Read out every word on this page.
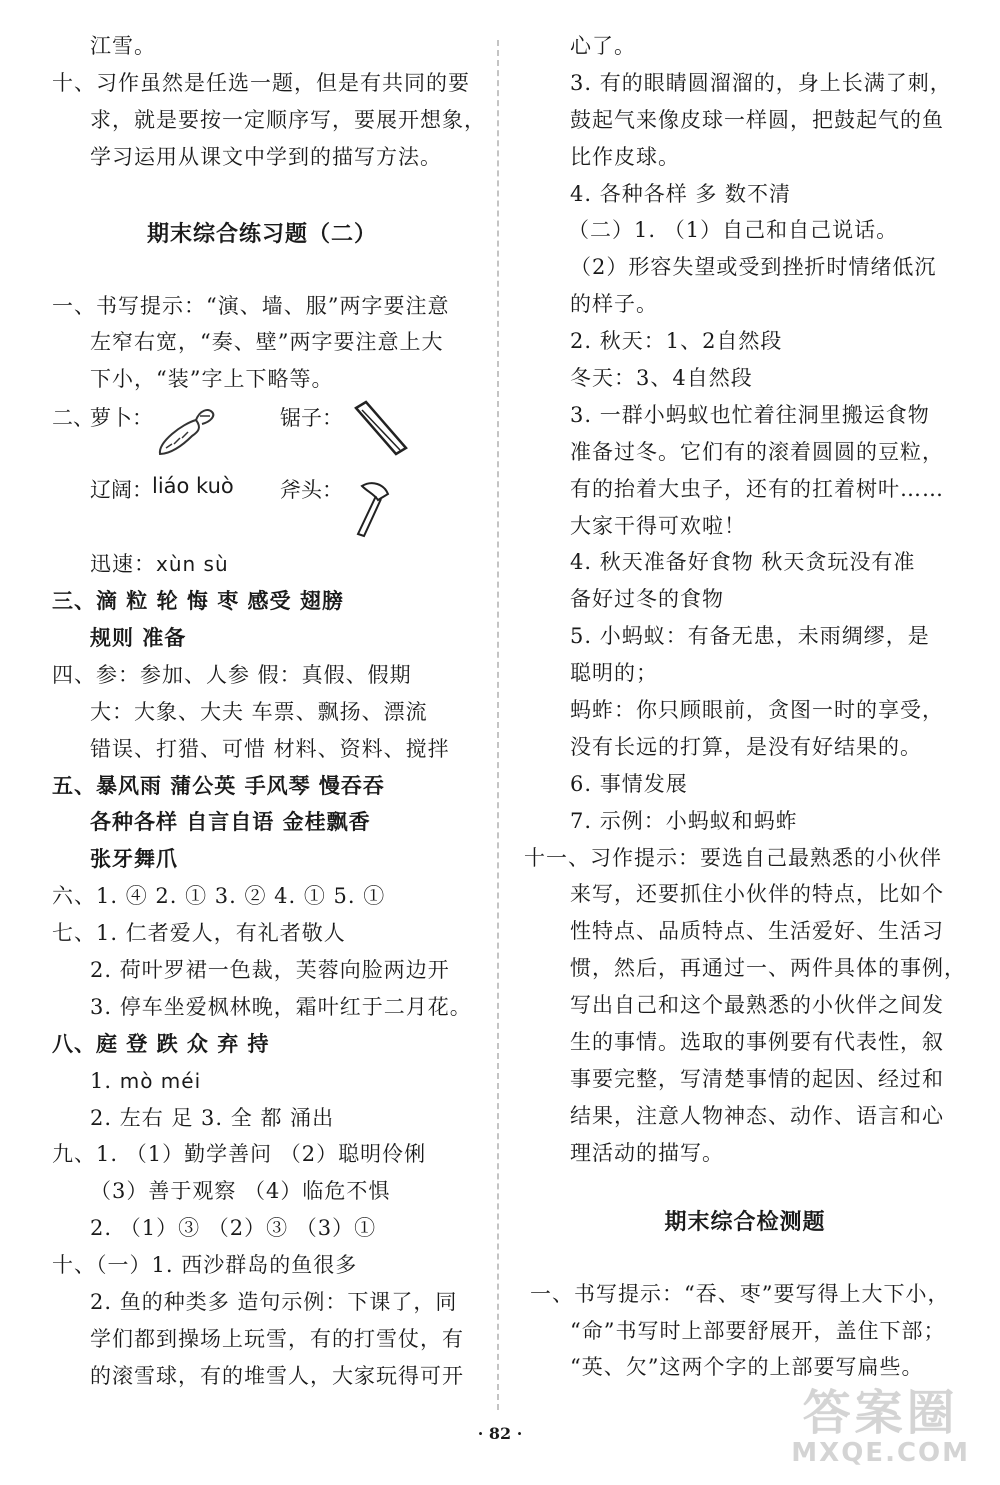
江雪。
十、习作虽然是任选一题，但是有共同的要
求，就是要按一定顺序写，要展开想象，
学习运用从课文中学到的描写方法。
期末综合练习题（二）
一、书写提示：“演、墙、服”两字要注意
左窄右宽，“奏、壁”两字要注意上大
下小，“装”字上下略等。
二、
萝卜：	锯子：
辽阔： liáo kuò 斧头：
迅速：xùn sù
三、滴 粒 轮 悔 枣 感受 翅膀
规则 准备
四、参：参加、人参 假：真假、假期
大：大象、大夫 车票、飘扬、漂流
错误、打猎、可惜 材料、资料、搅拌
五、暴风雨 蒲公英 手风琴 慢吞吞
各种各样 自言自语 金桂飘香
张牙舞爪
六、1. ④ 2. ① 3. ② 4. ① 5. ①
七、1. 仁者爱人，有礼者敬人
2. 荷叶罗裙一色裁，芙蓉向脸两边开
3. 停车坐爱枫林晚，霜叶红于二月花。
八、庭 登 跌 众 弃 持
1. mò méi
2. 左右 足 3. 全 都 涌出
九、1. （1）勤学善问 （2）聪明伶俐
（3）善于观察 （4）临危不惧
2. （1）③ （2）③ （3）①
十、（一）1. 西沙群岛的鱼很多
2. 鱼的种类多 造句示例：下课了，同
学们都到操场上玩雪，有的打雪仗，有
的滚雪球，有的堆雪人，大家玩得可开
心了。
3. 有的眼睛圆溜溜的，身上长满了刺，
鼓起气来像皮球一样圆，把鼓起气的鱼
比作皮球。
4. 各种各样 多 数不清
（二）1. （1）自己和自己说话。
（2）形容失望或受到挫折时情绪低沉
的样子。
2. 秋天：1、2自然段
冬天：3、4自然段
3. 一群小蚂蚁也忙着往洞里搬运食物
准备过冬。它们有的滚着圆圆的豆粒，
有的抬着大虫子，还有的扛着树叶……
大家干得可欢啦！
4. 秋天准备好食物 秋天贪玩没有准
备好过冬的食物
5. 小蚂蚁：有备无患，未雨绸缪，是
聪明的；
蚂蚱：你只顾眼前，贪图一时的享受，
没有长远的打算，是没有好结果的。
6. 事情发展
7. 示例：小蚂蚁和蚂蚱
十一、习作提示：要选自己最熟悉的小伙伴
来写，还要抓住小伙伴的特点，比如个
性特点、品质特点、生活爱好、生活习
惯，然后，再通过一、两件具体的事例，
写出自己和这个最熟悉的小伙伴之间发
生的事情。选取的事例要有代表性，叙
事要完整，写清楚事情的起因、经过和
结果，注意人物神态、动作、语言和心
理活动的描写。
期末综合检测题
一、书写提示：“吞、枣”要写得上大下小，
“命”书写时上部要舒展开，盖住下部；
“英、欠”这两个字的上部要写扁些。
· 82 ·	答案圈
MXQE.COM
